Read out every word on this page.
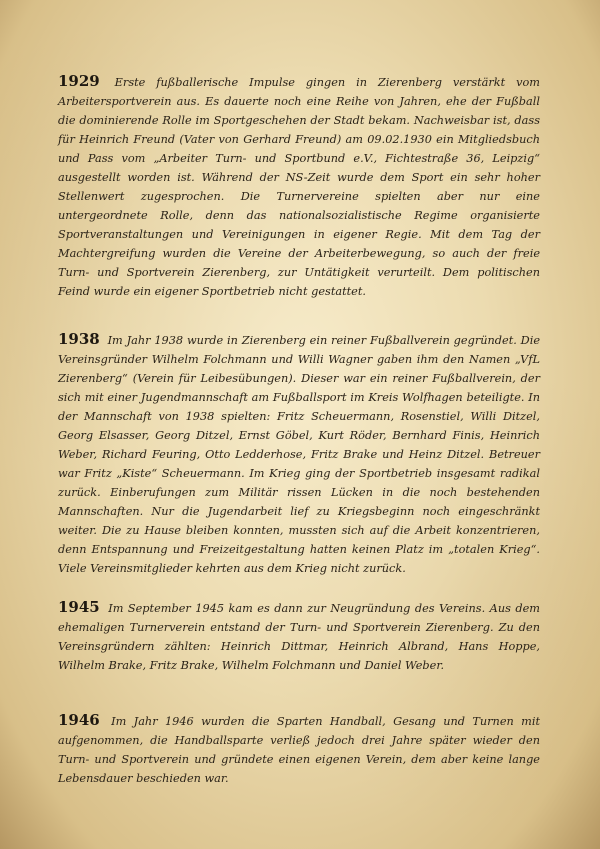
1929 Erste fußballerische Impulse gingen in Zierenberg verstärkt vom Arbeitersportverein aus. Es dauerte noch eine Reihe von Jahren, ehe der Fußball die dominierende Rolle im Sportgeschehen der Stadt bekam. Nachweisbar ist, dass für Heinrich Freund (Vater von Gerhard Freund) am 09.02.1930 ein Mitgliedsbuch und Pass vom „Arbeiter Turn- und Sportbund e.V., Fichtestraße 36, Leipzig“ ausgestellt worden ist. Während der NS-Zeit wurde dem Sport ein sehr hoher Stellenwert zugesprochen. Die Turnervereine spielten aber nur eine untergeordnete Rolle, denn das nationalsozialistische Regime organisierte Sportveranstaltungen und Vereinigungen in eigener Regie. Mit dem Tag der Machtergreifung wurden die Vereine der Arbeiterbewegung, so auch der freie Turn- und Sportverein Zierenberg, zur Untätigkeit verurteilt. Dem politischen Feind wurde ein eigener Sportbetrieb nicht gestattet.
1938 Im Jahr 1938 wurde in Zierenberg ein reiner Fußballverein gegründet. Die Vereinsgründer Wilhelm Folchmann und Willi Wagner gaben ihm den Namen „VfL Zierenberg“ (Verein für Leibesübungen). Dieser war ein reiner Fußballverein, der sich mit einer Jugendmannschaft am Fußballsport im Kreis Wolfhagen beteiligte. In der Mannschaft von 1938 spielten: Fritz Scheuermann, Rosenstiel, Willi Ditzel, Georg Elsasser, Georg Ditzel, Ernst Göbel, Kurt Röder, Bernhard Finis, Heinrich Weber, Richard Feuring, Otto Ledderhose, Fritz Brake und Heinz Ditzel. Betreuer war Fritz „Kiste“ Scheuermann. Im Krieg ging der Sportbetrieb insgesamt radikal zurück. Einberufungen zum Militär rissen Lücken in die noch bestehenden Mannschaften. Nur die Jugendarbeit lief zu Kriegsbeginn noch eingeschränkt weiter. Die zu Hause bleiben konnten, mussten sich auf die Arbeit konzentrieren, denn Entspannung und Freizeitgestaltung hatten keinen Platz im „totalen Krieg“. Viele Vereinsmitglieder kehrten aus dem Krieg nicht zurück.
1945 Im September 1945 kam es dann zur Neugründung des Vereins. Aus dem ehemaligen Turnerverein entstand der Turn- und Sportverein Zierenberg. Zu den Vereinsgründern zählten: Heinrich Dittmar, Heinrich Albrand, Hans Hoppe, Wilhelm Brake, Fritz Brake, Wilhelm Folchmann und Daniel Weber.
1946 Im Jahr 1946 wurden die Sparten Handball, Gesang und Turnen mit aufgenommen, die Handballsparte verließ jedoch drei Jahre später wieder den Turn- und Sportverein und gründete einen eigenen Verein, dem aber keine lange Lebensdauer beschieden war.
